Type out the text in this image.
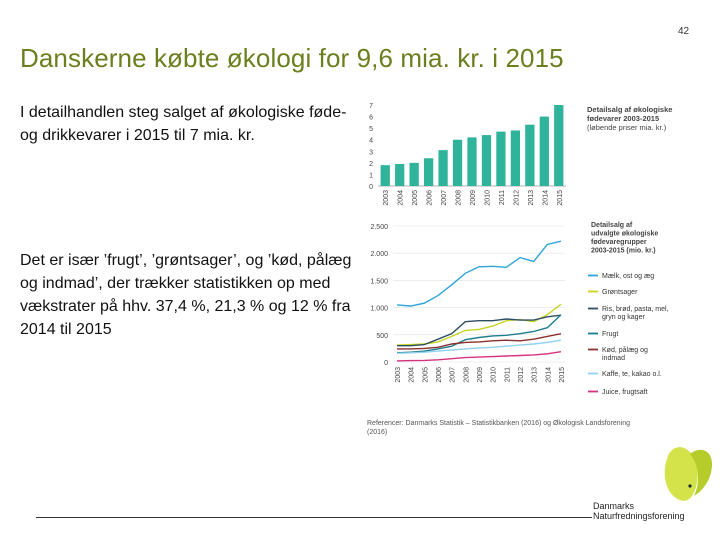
42
Danskerne købte økologi for 9,6 mia. kr. i 2015
I detailhandlen steg salget af økologiske føde- og drikkevarer i 2015 til 7 mia. kr.
Det er især ’frugt’, ’grøntsager’, og ’kød, pålæg og indmad’, der trækker statistikken op med vækstrater på hhv. 37,4 %, 21,3 % og 12 % fra 2014 til 2015
0
1
2
3
4
5
6
7
2003 2004 2005 2006 2007 2008 2009 2010 2011 2012 2013 2014 2015
Detailsalg af økologiske
fødevarer 2003-2015
(løbende priser mia. kr.)
0
500
1.000
1.500
2.000
2.500
2003 2004 2005 2006 2007 2008 2009 2010 2011 2012 2013 2014 2015
Detailsalg af
udvalgte økologiske
fødevaregrupper
2003-2015 (mio. kr.)
Mælk, ost og æg
Grøntsager
Ris, brød, pasta, mel,
gryn og kager
Frugt
Kød, pålæg og
indmad
Kaffe, te, kakao o.l.
Juice, frugtsaft
Referencer: Danmarks Statistik – Statistikbanken (2016) og Økologisk Landsforening
(2016)
Danmarks
Naturfredningsforening
